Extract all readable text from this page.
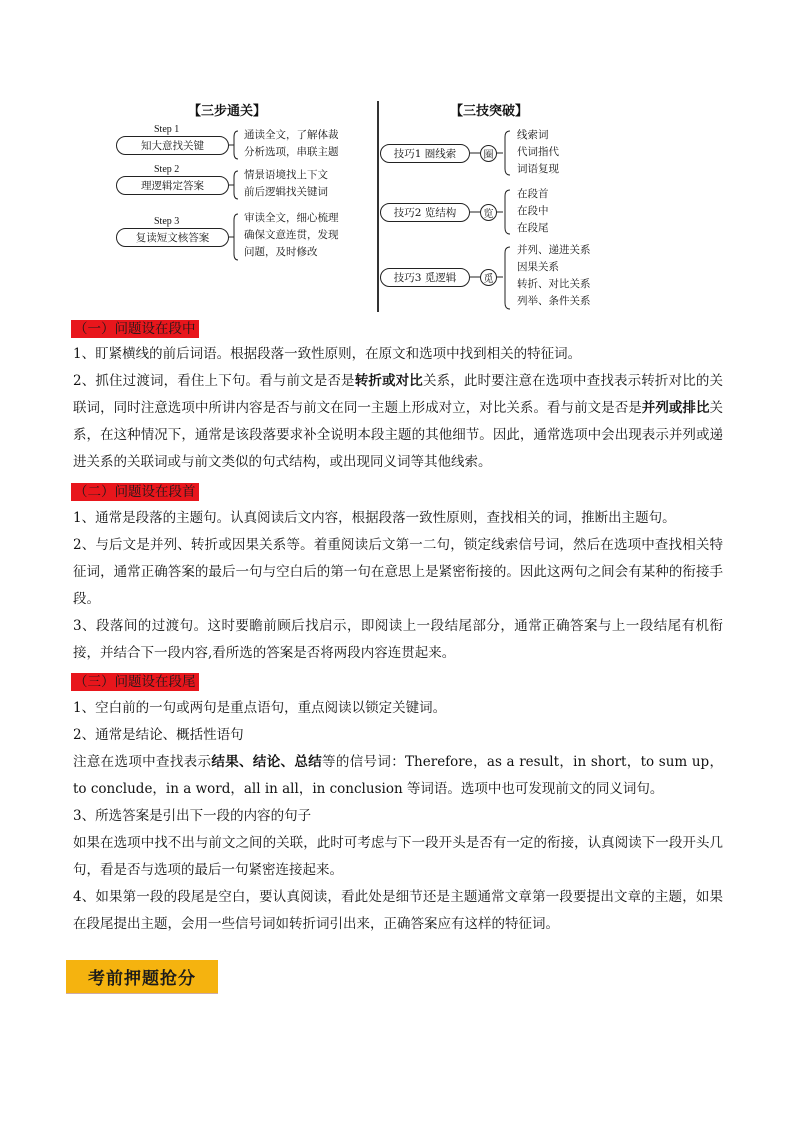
【三步通关】	【三技突破】
Step 1
知大意找关键
通读全文，了解体裁
分析选项，串联主题
Step 2
理逻辑定答案
情景语境找上下文
前后逻辑找关键词
Step 3
复读短文核答案
审读全文，细心梳理
确保文意连贯，发现
问题，及时修改
技巧1 圈线索	圈
线索词
代词指代
词语复现
技巧2 览结构	览
在段首
在段中
在段尾
技巧3 觅逻辑	觅
并列、递进关系
因果关系
转折、对比关系
列举、条件关系
（一）问题设在段中
1、盯紧横线的前后词语。根据段落一致性原则，在原文和选项中找到相关的特征词。
2、抓住过渡词，看住上下句。看与前文是否是转折或对比关系，此时要注意在选项中查找表示转折对比的关联词，同时注意选项中所讲内容是否与前文在同一主题上形成对立，对比关系。看与前文是否是并列或排比关系，在这种情况下，通常是该段落要求补全说明本段主题的其他细节。因此，通常选项中会出现表示并列或递进关系的关联词或与前文类似的句式结构，或出现同义词等其他线索。
（二）问题设在段首
1、通常是段落的主题句。认真阅读后文内容，根据段落一致性原则，查找相关的词，推断出主题句。
2、与后文是并列、转折或因果关系等。着重阅读后文第一二句，锁定线索信号词，然后在选项中查找相关特征词，通常正确答案的最后一句与空白后的第一句在意思上是紧密衔接的。因此这两句之间会有某种的衔接手段。
3、段落间的过渡句。这时要瞻前顾后找启示，即阅读上一段结尾部分，通常正确答案与上一段结尾有机衔接，并结合下一段内容,看所选的答案是否将两段内容连贯起来。
（三）问题设在段尾
1、空白前的一句或两句是重点语句，重点阅读以锁定关键词。
2、通常是结论、概括性语句
注意在选项中查找表示结果、结论、总结等的信号词：Therefore，as a result，in short，to sum up，to conclude，in a word，all in all，in conclusion 等词语。选项中也可发现前文的同义词句。
3、所选答案是引出下一段的内容的句子
如果在选项中找不出与前文之间的关联，此时可考虑与下一段开头是否有一定的衔接，认真阅读下一段开头几句，看是否与选项的最后一句紧密连接起来。
4、如果第一段的段尾是空白，要认真阅读，看此处是细节还是主题通常文章第一段要提出文章的主题，如果在段尾提出主题，会用一些信号词如转折词引出来，正确答案应有这样的特征词。
考前押题抢分
